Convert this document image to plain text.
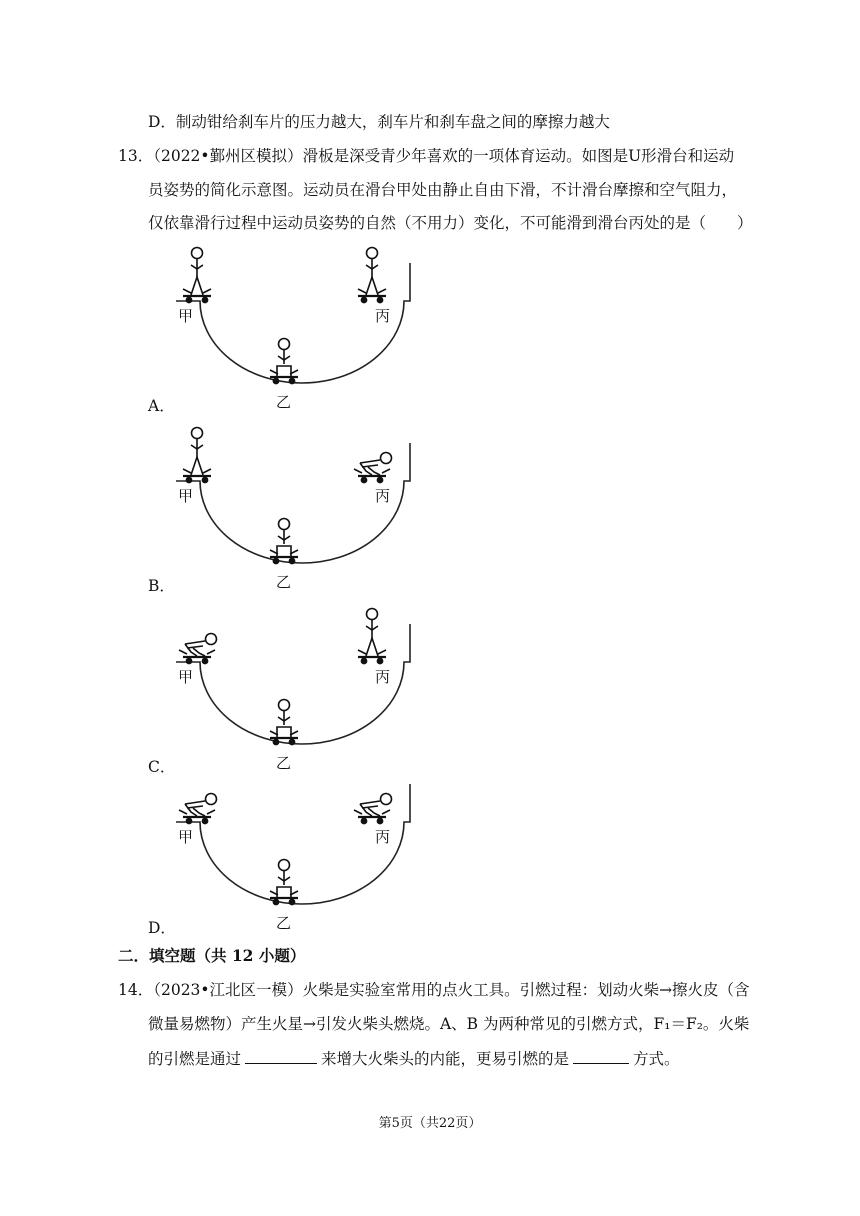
D．制动钳给刹车片的压力越大，刹车片和刹车盘之间的摩擦力越大
13．（2022•鄞州区模拟）滑板是深受青少年喜欢的一项体育运动。如图是U形滑台和运动
员姿势的简化示意图。运动员在滑台甲处由静止自由下滑，不计滑台摩擦和空气阻力，
仅依靠滑行过程中运动员姿势的自然（不用力）变化，不可能滑到滑台丙处的是（　　）
甲	丙
乙
A．
甲	丙
乙
B．
甲	丙
乙
C．
甲	丙
乙
D．
二．填空题（共 12 小题）
14．（2023•江北区一模）火柴是实验室常用的点火工具。引燃过程：划动火柴→擦火皮（含
微量易燃物）产生火星→引发火柴头燃烧。A、B 为两种常见的引燃方式，F₁＝F₂。火柴
的引燃是通过	来增大火柴头的内能，更易引燃的是	方式。
第5页（共22页）
